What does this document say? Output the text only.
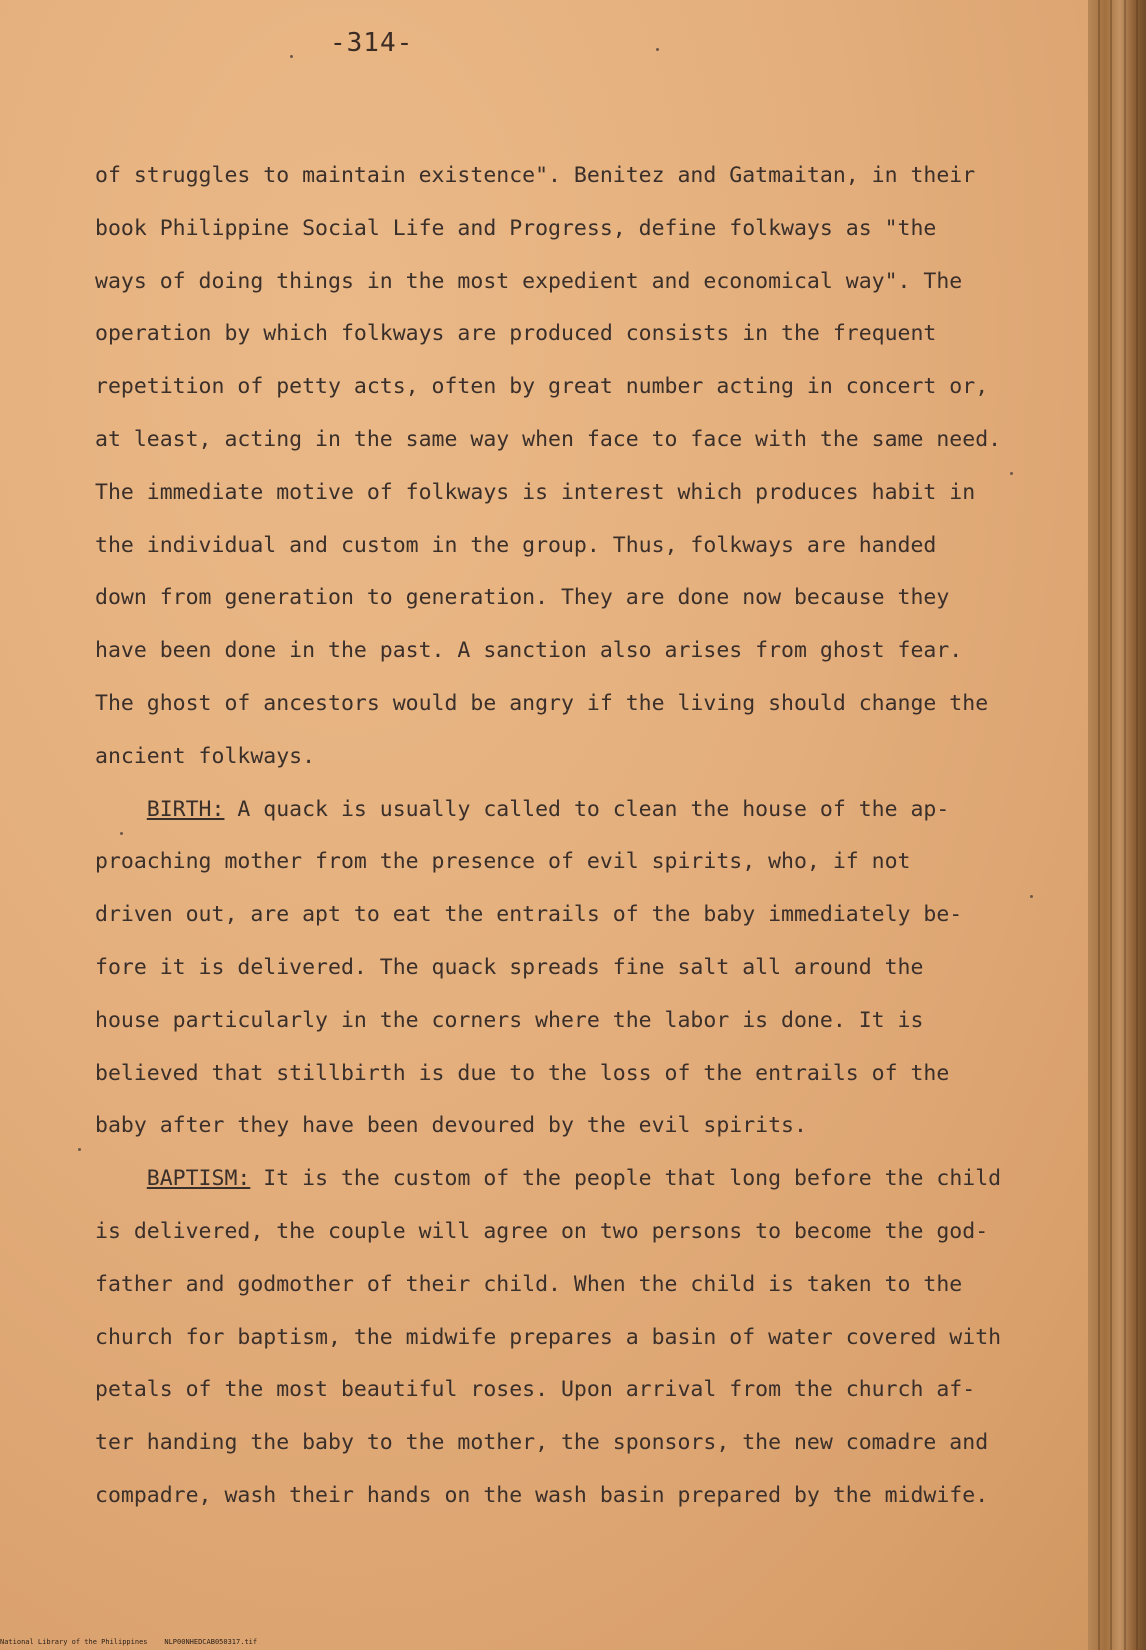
-314-
of struggles to maintain existence". Benitez and Gatmaitan, in their
book Philippine Social Life and Progress, define folkways as "the
ways of doing things in the most expedient and economical way". The
operation by which folkways are produced consists in the frequent
repetition of petty acts, often by great number acting in concert or,
at least, acting in the same way when face to face with the same need.
The immediate motive of folkways is interest which produces habit in
the individual and custom in the group. Thus, folkways are handed
down from generation to generation. They are done now because they
have been done in the past. A sanction also arises from ghost fear.
The ghost of ancestors would be angry if the living should change the
ancient folkways.
BIRTH: A quack is usually called to clean the house of the ap-
proaching mother from the presence of evil spirits, who, if not
driven out, are apt to eat the entrails of the baby immediately be-
fore it is delivered. The quack spreads fine salt all around the
house particularly in the corners where the labor is done. It is
believed that stillbirth is due to the loss of the entrails of the
baby after they have been devoured by the evil spirits.
BAPTISM: It is the custom of the people that long before the child
is delivered, the couple will agree on two persons to become the god-
father and godmother of their child. When the child is taken to the
church for baptism, the midwife prepares a basin of water covered with
petals of the most beautiful roses. Upon arrival from the church af-
ter handing the baby to the mother, the sponsors, the new comadre and
compadre, wash their hands on the wash basin prepared by the midwife.
National Library of the Philippines NLP00NHEDCAB050317.tif
